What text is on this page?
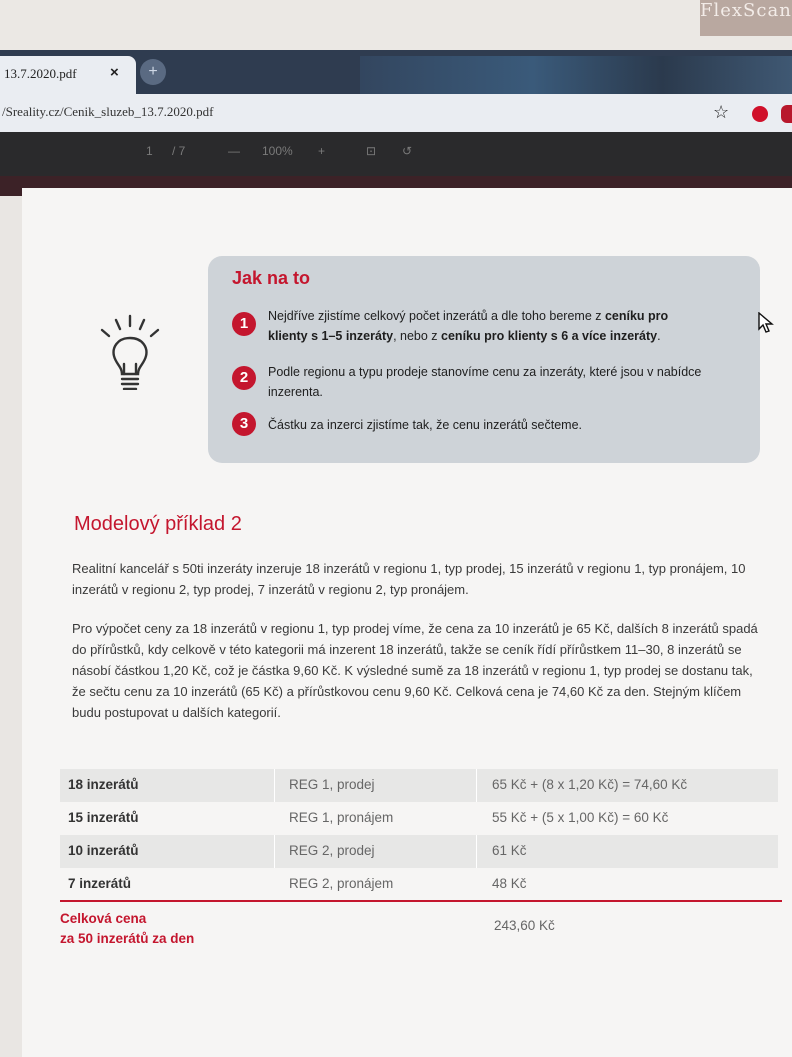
FlexScan
13.7.2020.pdf ×	+
/Sreality.cz/Cenik_sluzeb_13.7.2020.pdf	☆
1 / 7	— 100% +	⊡ ↺
Jak na to
1	Nejdříve zjistíme celkový počet inzerátů a dle toho bereme z ceníku pro klienty s 1–5 inzeráty, nebo z ceníku pro klienty s 6 a více inzeráty.
2	Podle regionu a typu prodeje stanovíme cenu za inzeráty, které jsou v nabídce inzerenta.
3	Částku za inzerci zjistíme tak, že cenu inzerátů sečteme.
Modelový příklad 2
Realitní kancelář s 50ti inzeráty inzeruje 18 inzerátů v regionu 1, typ prodej, 15 inzerátů v regionu 1, typ pronájem, 10 inzerátů v regionu 2, typ prodej, 7 inzerátů v regionu 2, typ pronájem.
Pro výpočet ceny za 18 inzerátů v regionu 1, typ prodej víme, že cena za 10 inzerátů je 65 Kč, dalších 8 inzerátů spadá do přírůstků, kdy celkově v této kategorii má inzerent 18 inzerátů, takže se ceník řídí přírůstkem 11–30, 8 inzerátů se násobí částkou 1,20 Kč, což je částka 9,60 Kč. K výsledné sumě za 18 inzerátů v regionu 1, typ prodej se dostanu tak, že sečtu cenu za 10 inzerátů (65 Kč) a přírůstkovou cenu 9,60 Kč. Celková cena je 74,60 Kč za den. Stejným klíčem budu postupovat u dalších kategorií.
18 inzerátů	REG 1, prodej	65 Kč + (8 x 1,20 Kč) = 74,60 Kč
15 inzerátů	REG 1, pronájem	55 Kč + (5 x 1,00 Kč) = 60 Kč
10 inzerátů	REG 2, prodej	61 Kč
7 inzerátů	REG 2, pronájem	48 Kč
Celková cena
za 50 inzerátů za den
243,60 Kč
